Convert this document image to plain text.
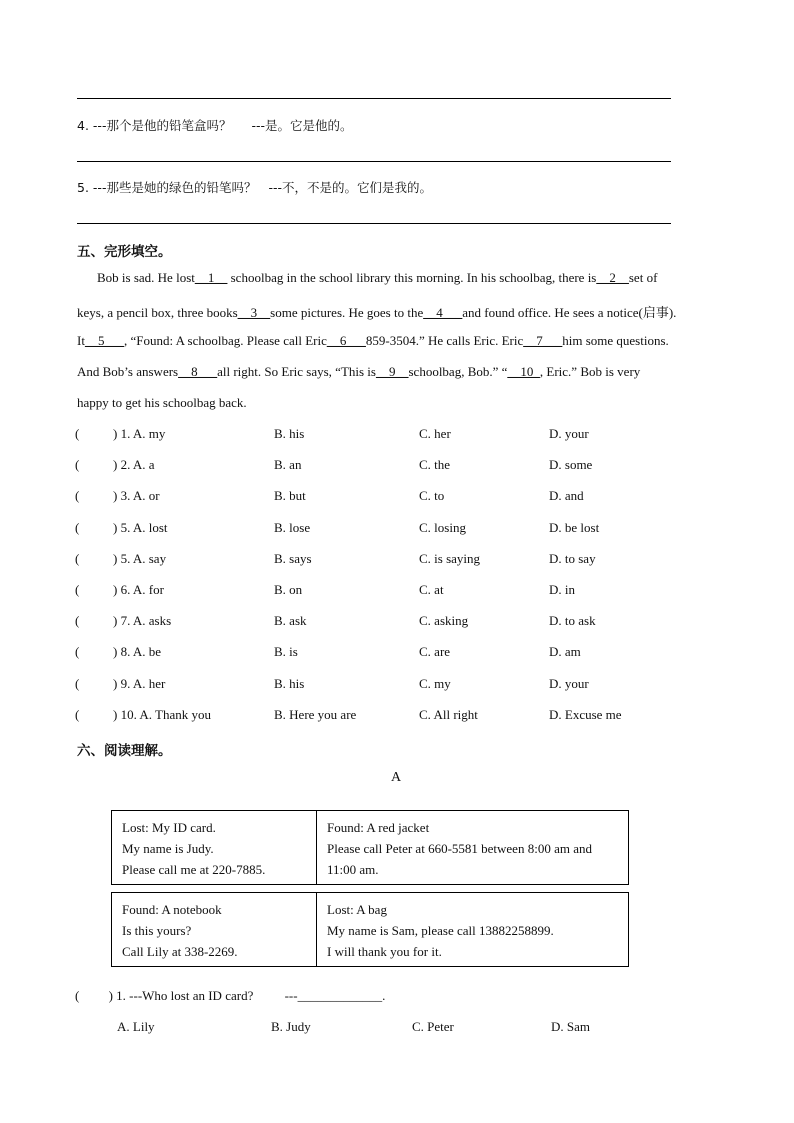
4. ---那个是他的铅笔盒吗？ ---是。它是他的。
5. ---那些是她的绿色的铅笔吗？ ---不，不是的。它们是我的。
五、完形填空。
Bob is sad. He lost__1__ schoolbag in the school library this morning. In his schoolbag, there is__2__set of
keys, a pencil box, three books__3__some pictures. He goes to the__4___and found office. He sees a notice(启事).
It__5___, “Found: A schoolbag. Please call Eric__6___859-3504.” He calls Eric. Eric__7___him some questions.
And Bob’s answers__8___all right. So Eric says, “This is__9__schoolbag, Bob.” “__10_, Eric.” Bob is very
happy to get his schoolbag back.
(	) 1. A. my	B. his	C. her	D. your
(	) 2. A. a	B. an	C. the	D. some
(	) 3. A. or	B. but	C. to	D. and
(	) 5. A. lost	B. lose	C. losing	D. be lost
(	) 5. A. say	B. says	C. is saying	D. to say
(	) 6. A. for	B. on	C. at	D. in
(	) 7. A. asks	B. ask	C. asking	D. to ask
(	) 8. A. be	B. is	C. are	D. am
(	) 9. A. her	B. his	C. my	D. your
(	) 10. A. Thank you	B. Here you are	C. All right	D. Excuse me
六、阅读理解。
A
Lost: My ID card.
My name is Judy.
Please call me at 220-7885.
Found: A red jacket
Please call Peter at 660-5581 between 8:00 am and
11:00 am.
Found: A notebook
Is this yours?
Call Lily at 338-2269.
Lost: A bag
My name is Sam, please call 13882258899.
I will thank you for it.
( ) 1. ---Who lost an ID card? ---_____________.
A. Lily	B. Judy	C. Peter	D. Sam
